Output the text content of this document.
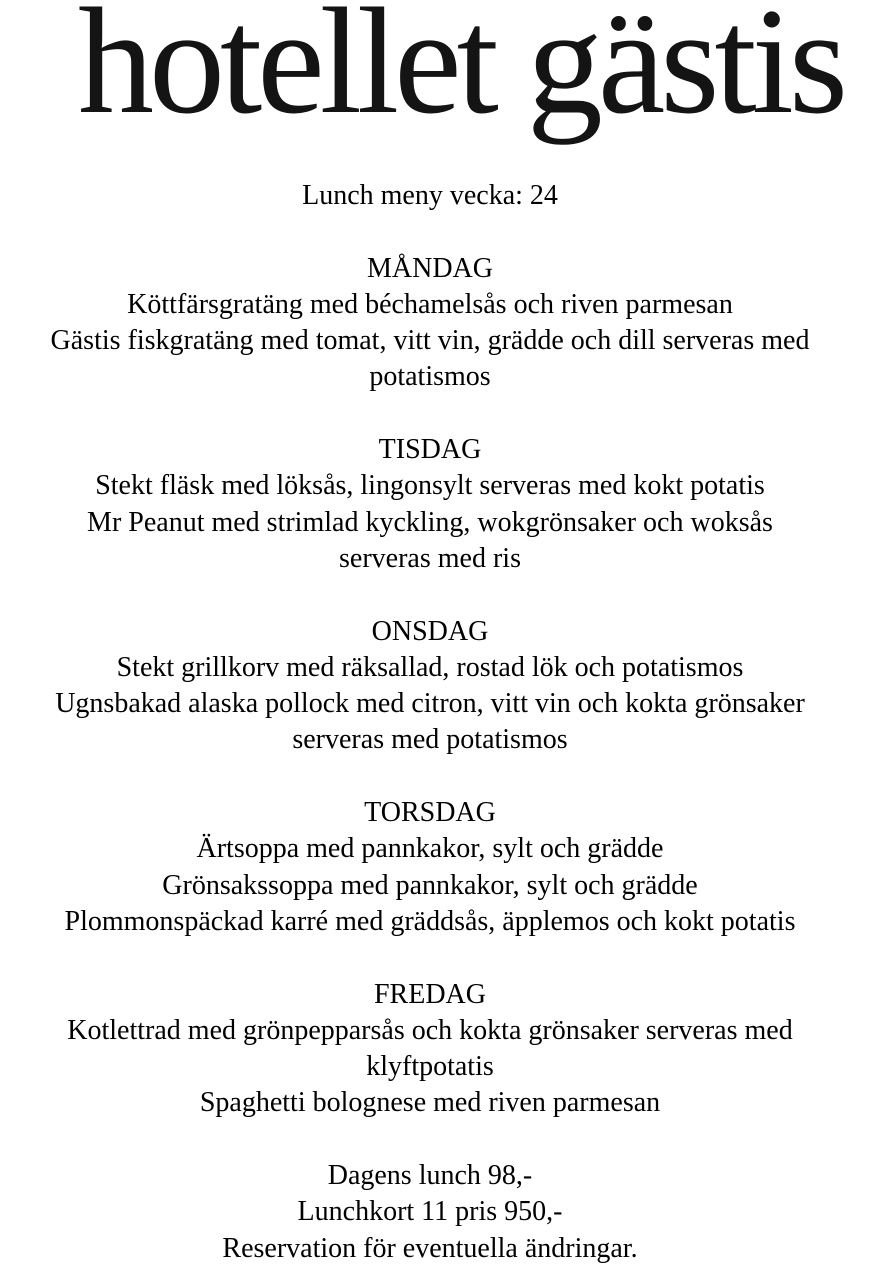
hotellet gästis
Lunch meny vecka: 24
MÅNDAG
Köttfärsgratäng med béchamelsås och riven parmesan
Gästis fiskgratäng med tomat, vitt vin, grädde och dill serveras med
potatismos
TISDAG
Stekt fläsk med löksås, lingonsylt serveras med kokt potatis
Mr Peanut med strimlad kyckling, wokgrönsaker och woksås
serveras med ris
ONSDAG
Stekt grillkorv med räksallad, rostad lök och potatismos
Ugnsbakad alaska pollock med citron, vitt vin och kokta grönsaker
serveras med potatismos
TORSDAG
Ärtsoppa med pannkakor, sylt och grädde
Grönsakssoppa med pannkakor, sylt och grädde
Plommonspäckad karré med gräddsås, äpplemos och kokt potatis
FREDAG
Kotlettrad med grönpepparsås och kokta grönsaker serveras med
klyftpotatis
Spaghetti bolognese med riven parmesan
Dagens lunch 98,-
Lunchkort 11 pris 950,-
Reservation för eventuella ändringar.
